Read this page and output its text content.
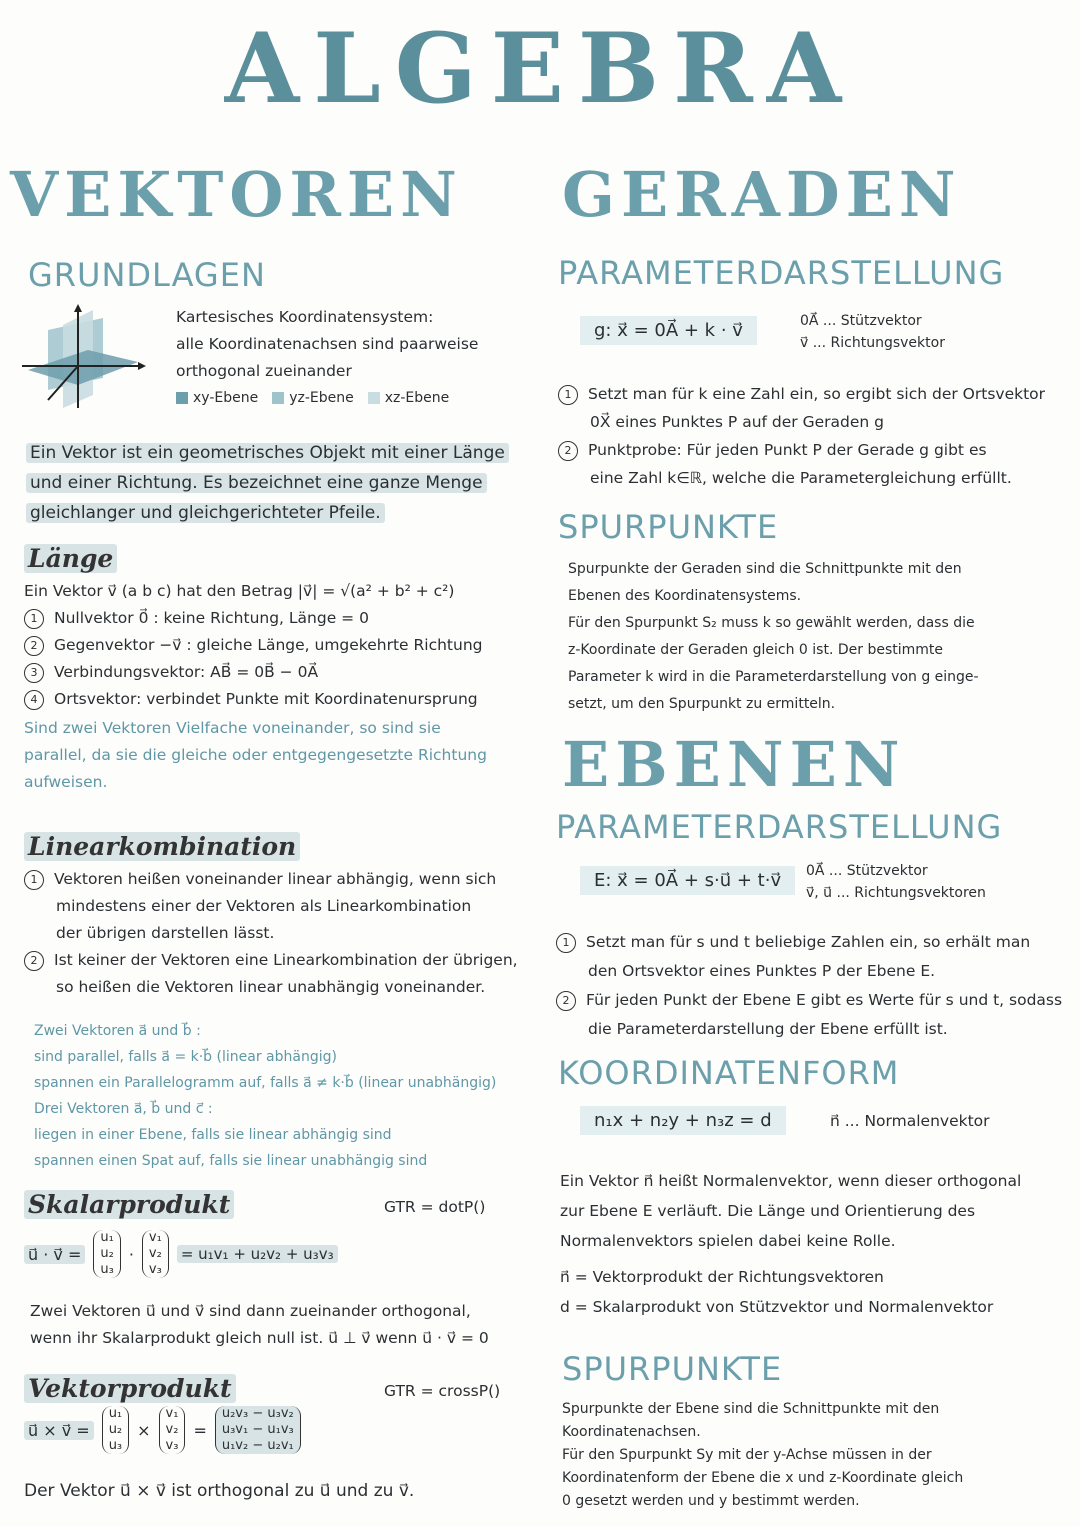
ALGEBRA
VEKTOREN
GRUNDLAGEN
Kartesisches Koordinatensystem:
alle Koordinatenachsen sind paarweise
orthogonal zueinander
xy-Ebene	yz-Ebene	xz-Ebene
Ein Vektor ist ein geometrisches Objekt mit einer Länge
und einer Richtung. Es bezeichnet eine ganze Menge
gleichlanger und gleichgerichteter Pfeile.
Länge
Ein Vektor v⃗ (a b c) hat den Betrag |v⃗| = √(a² + b² + c²)
1 Nullvektor 0⃗ : keine Richtung, Länge = 0
2 Gegenvektor −v⃗ : gleiche Länge, umgekehrte Richtung
3 Verbindungsvektor: AB⃗ = 0B⃗ − 0A⃗
4 Ortsvektor: verbindet Punkte mit Koordinatenursprung
Sind zwei Vektoren Vielfache voneinander, so sind sie
parallel, da sie die gleiche oder entgegengesetzte Richtung
aufweisen.
Linearkombination
1 Vektoren heißen voneinander linear abhängig, wenn sich
mindestens einer der Vektoren als Linearkombination
der übrigen darstellen lässt.
2 Ist keiner der Vektoren eine Linearkombination der übrigen,
so heißen die Vektoren linear unabhängig voneinander.
Zwei Vektoren a⃗ und b⃗ :
sind parallel, falls a⃗ = k·b⃗ (linear abhängig)
spannen ein Parallelogramm auf, falls a⃗ ≠ k·b⃗ (linear unabhängig)
Drei Vektoren a⃗, b⃗ und c⃗ :
liegen in einer Ebene, falls sie linear abhängig sind
spannen einen Spat auf, falls sie linear unabhängig sind
Skalarprodukt	GTR = dotP()
u⃗ · v⃗ =
u₁
u₂
u₃
·
v₁
v₂
v₃
= u₁v₁ + u₂v₂ + u₃v₃
Zwei Vektoren u⃗ und v⃗ sind dann zueinander orthogonal,
wenn ihr Skalarprodukt gleich null ist. u⃗ ⊥ v⃗ wenn u⃗ · v⃗ = 0
Vektorprodukt	GTR = crossP()
u⃗ × v⃗ =
u₁
u₂
u₃
×
v₁
v₂
v₃
=
u₂v₃ − u₃v₂
u₃v₁ − u₁v₃
u₁v₂ − u₂v₁
Der Vektor u⃗ × v⃗ ist orthogonal zu u⃗ und zu v⃗.
GERADEN
PARAMETERDARSTELLUNG
g: x⃗ = 0A⃗ + k · v⃗	0A⃗ ... Stützvektor
v⃗ ... Richtungsvektor
1 Setzt man für k eine Zahl ein, so ergibt sich der Ortsvektor
0X⃗ eines Punktes P auf der Geraden g
2 Punktprobe: Für jeden Punkt P der Gerade g gibt es
eine Zahl k∈ℝ, welche die Parametergleichung erfüllt.
SPURPUNKTE
Spurpunkte der Geraden sind die Schnittpunkte mit den
Ebenen des Koordinatensystems.
Für den Spurpunkt S₂ muss k so gewählt werden, dass die
z-Koordinate der Geraden gleich 0 ist. Der bestimmte
Parameter k wird in die Parameterdarstellung von g einge-
setzt, um den Spurpunkt zu ermitteln.
EBENEN
PARAMETERDARSTELLUNG
E: x⃗ = 0A⃗ + s·u⃗ + t·v⃗	0A⃗ ... Stützvektor
v⃗, u⃗ ... Richtungsvektoren
1 Setzt man für s und t beliebige Zahlen ein, so erhält man
den Ortsvektor eines Punktes P der Ebene E.
2 Für jeden Punkt der Ebene E gibt es Werte für s und t, sodass
die Parameterdarstellung der Ebene erfüllt ist.
KOORDINATENFORM
n₁x + n₂y + n₃z = d	n⃗ ... Normalenvektor
Ein Vektor n⃗ heißt Normalenvektor, wenn dieser orthogonal
zur Ebene E verläuft. Die Länge und Orientierung des
Normalenvektors spielen dabei keine Rolle.
n⃗ = Vektorprodukt der Richtungsvektoren
d = Skalarprodukt von Stützvektor und Normalenvektor
SPURPUNKTE
Spurpunkte der Ebene sind die Schnittpunkte mit den
Koordinatenachsen.
Für den Spurpunkt Sy mit der y-Achse müssen in der
Koordinatenform der Ebene die x und z-Koordinate gleich
0 gesetzt werden und y bestimmt werden.
